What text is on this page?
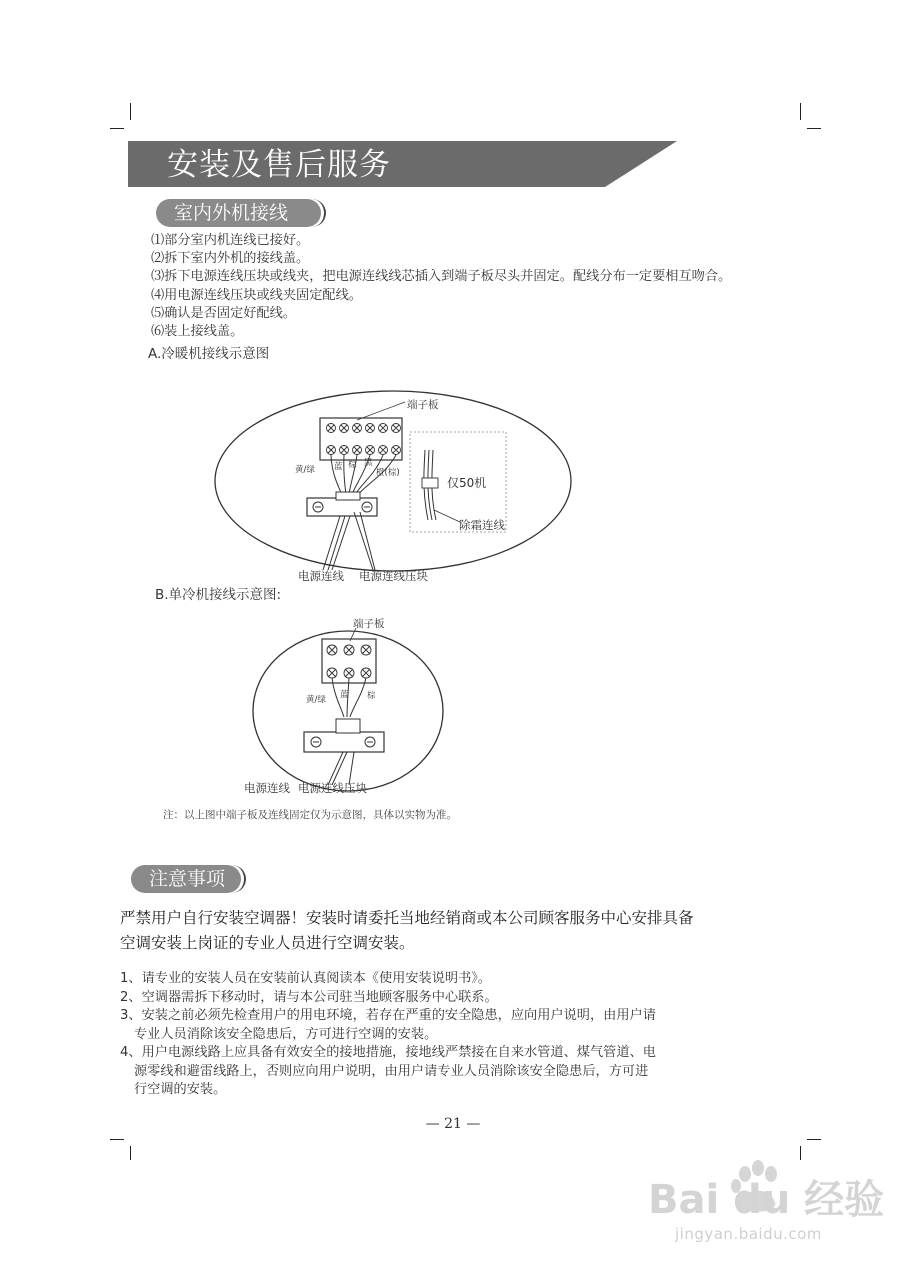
安装及售后服务
室内外机接线
⑴部分室内机连线已接好。
⑵拆下室内外机的接线盖。
⑶拆下电源连线压块或线夹，把电源连线线芯插入到端子板尽头并固定。配线分布一定要相互吻合。
⑷用电源连线压块或线夹固定配线。
⑸确认是否固定好配线。
⑹装上接线盖。
A.冷暖机接线示意图
端子板
黄/绿 蓝 棕 黑
橙(棕)
仅50机
除霜连线
电源连线 电源连线压块
B.单冷机接线示意图:
端子板
黄/绿 蓝 棕
电源连线 电源连线压块
注：以上图中端子板及连线固定仅为示意图，具体以实物为准。
注意事项
严禁用户自行安装空调器！安装时请委托当地经销商或本公司顾客服务中心安排具备
空调安装上岗证的专业人员进行空调安装。
1、请专业的安装人员在安装前认真阅读本《使用安装说明书》。
2、空调器需拆下移动时，请与本公司驻当地顾客服务中心联系。
3、安装之前必须先检查用户的用电环境，若存在严重的安全隐患，应向用户说明，由用户请
专业人员消除该安全隐患后，方可进行空调的安装。
4、用户电源线路上应具备有效安全的接地措施，接地线严禁接在自来水管道、煤气管道、电
源零线和避雷线路上，否则应向用户说明，由用户请专业人员消除该安全隐患后，方可进
行空调的安装。
— 21 —
Bai du 经验
jingyan.baidu.com
